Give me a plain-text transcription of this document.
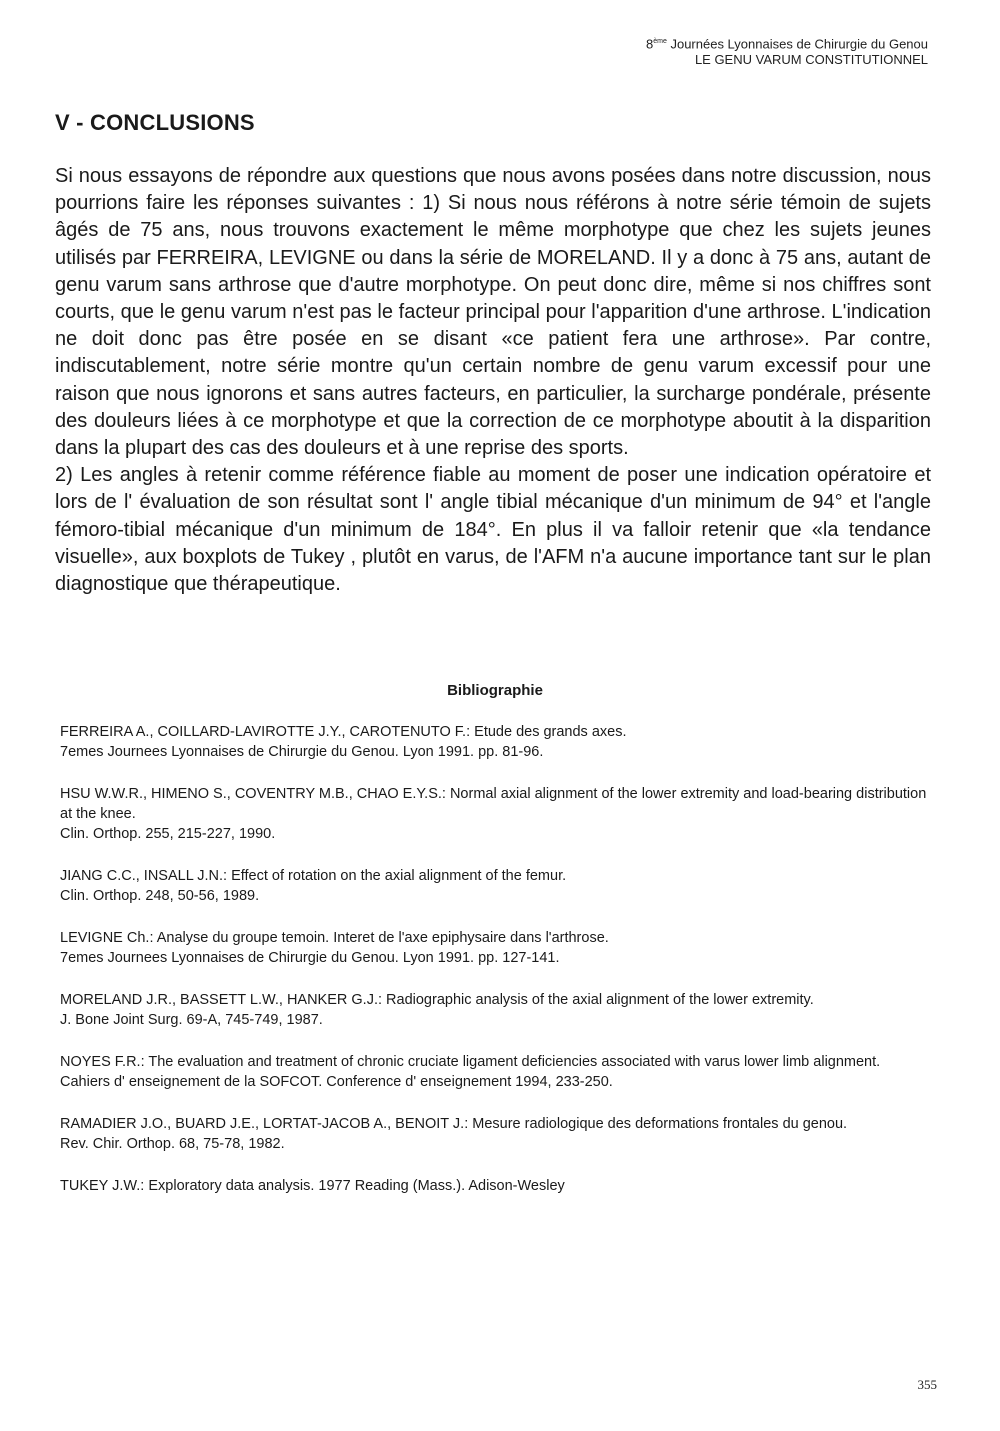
8ème Journées Lyonnaises de Chirurgie du Genou
LE GENU VARUM CONSTITUTIONNEL
V - CONCLUSIONS

Si nous essayons de répondre aux questions que nous avons posées dans notre discussion, nous pourrions faire les réponses suivantes : 1) Si nous nous référons à notre série témoin de sujets âgés de 75 ans, nous trouvons exactement le même morphotype que chez les sujets jeunes utilisés par FERREIRA, LEVIGNE ou dans la série de MORELAND. Il y a donc à 75 ans, autant de genu varum sans arthrose que d'autre morphotype. On peut donc dire, même si nos chiffres sont courts, que le genu varum n'est pas le facteur principal pour l'apparition d'une arthrose. L'indication ne doit donc pas être posée en se disant «ce patient fera une arthrose». Par contre, indiscutablement, notre série montre qu'un certain nombre de genu varum excessif pour une raison que nous ignorons et sans autres facteurs, en particulier, la surcharge pondérale, présente des douleurs liées à ce morphotype et que la correction de ce morphotype aboutit à la disparition dans la plupart des cas des douleurs et à une reprise des sports.

2) Les angles à retenir comme référence fiable au moment de poser une indication opératoire et lors de l' évaluation de son résultat sont l' angle tibial mécanique d'un minimum de 94° et l'angle fémoro-tibial mécanique d'un minimum de 184°. En plus il va falloir retenir que «la tendance visuelle», aux boxplots de Tukey , plutôt en varus, de l'AFM n'a aucune importance tant sur le plan diagnostique que thérapeutique.

Bibliographie
FERREIRA A., COILLARD-LAVIROTTE J.Y., CAROTENUTO F.: Etude des grands axes.
7emes Journees Lyonnaises de Chirurgie du Genou. Lyon 1991. pp. 81-96.
HSU W.W.R., HIMENO S., COVENTRY M.B., CHAO E.Y.S.: Normal axial alignment of the lower extremity and load-bearing distribution at the knee.
Clin. Orthop. 255, 215-227, 1990.
JIANG C.C., INSALL J.N.: Effect of rotation on the axial alignment of the femur.
Clin. Orthop. 248, 50-56, 1989.
LEVIGNE Ch.: Analyse du groupe temoin. Interet de l'axe epiphysaire dans l'arthrose.
7emes Journees Lyonnaises de Chirurgie du Genou. Lyon 1991. pp. 127-141.
MORELAND J.R., BASSETT L.W., HANKER G.J.: Radiographic analysis of the axial alignment of the lower extremity.
J. Bone Joint Surg. 69-A, 745-749, 1987.
NOYES F.R.: The evaluation and treatment of chronic cruciate ligament deficiencies associated with varus lower limb alignment.
Cahiers d' enseignement de la SOFCOT. Conference d' enseignement 1994, 233-250.
RAMADIER J.O., BUARD J.E., LORTAT-JACOB A., BENOIT J.: Mesure radiologique des deformations frontales du genou.
Rev. Chir. Orthop. 68, 75-78, 1982.
TUKEY J.W.: Exploratory data analysis. 1977 Reading (Mass.). Adison-Wesley
355
